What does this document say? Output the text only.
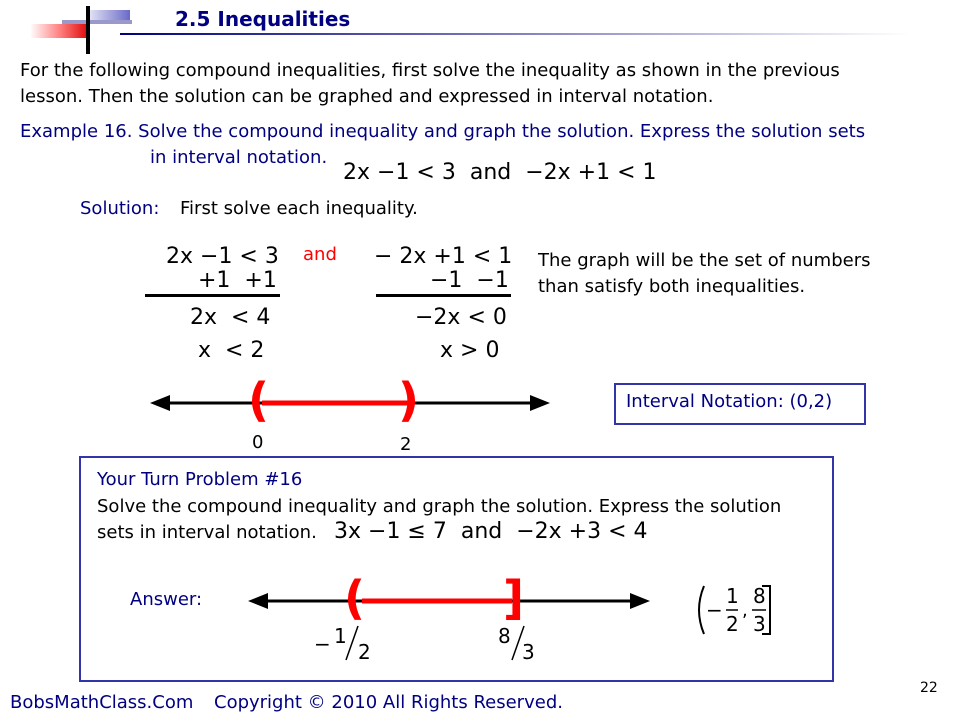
2.5 Inequalities
For the following compound inequalities, first solve the inequality as shown in the previous
lesson. Then the solution can be graphed and expressed in interval notation.
Example 16. Solve the compound inequality and graph the solution. Express the solution sets
in interval notation.
2x −1 < 3  and  −2x +1 < 1
Solution: First solve each inequality.
2x −1 < 3
+1  +1
2x  < 4
x  < 2
and − 2x +1 < 1
−1  −1
−2x < 0
x > 0
The graph will be the set of numbers
than satisfy both inequalities.
(	)
0	2
Interval Notation: (0,2)
Your Turn Problem #16
Solve the compound inequality and graph the solution. Express the solution
sets in interval notation. 3x −1 ≤ 7  and  −2x +3 < 4
Answer:	(	]
− 1
2
8
3
−
1
2
,
8
3
BobsMathClass.Com Copyright © 2010 All Rights Reserved.
22
